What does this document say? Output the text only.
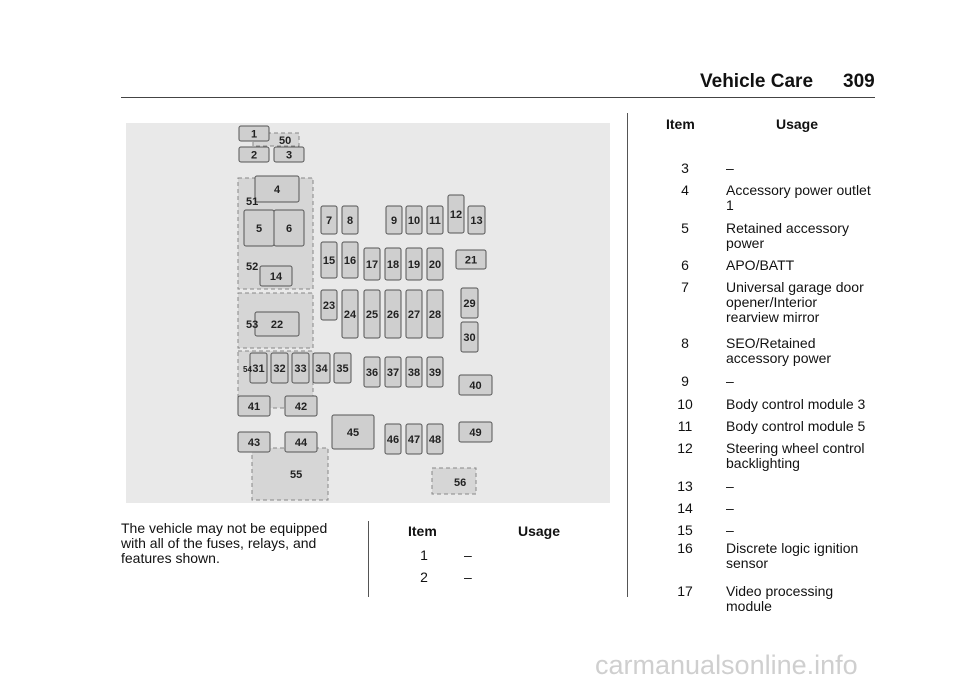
Vehicle Care 309
1
2	3
4
5 6
14
22
7 8	9 10 11 12 13
15 16 17 18 19 20 21
23
24 25 26 27 28
29
30
31 32 33 34 35 36 37 38 39
40
41	42
43	44
45
46 47 48
49
50
51
52
53
54
55
56
The vehicle may not be equipped with all of the fuses, relays, and features shown.
Item	Usage
1	–
2	–
Item	Usage
3	–
4	Accessory power outlet 1
5	Retained accessory power
6	APO/BATT
7	Universal garage door opener/Interior rearview mirror
8	SEO/Retained accessory power
9	–
10	Body control module 3
11	Body control module 5
12	Steering wheel control backlighting
13	–
14	–
15	–
16	Discrete logic ignition sensor
17	Video processing module
carmanualsonline.info
